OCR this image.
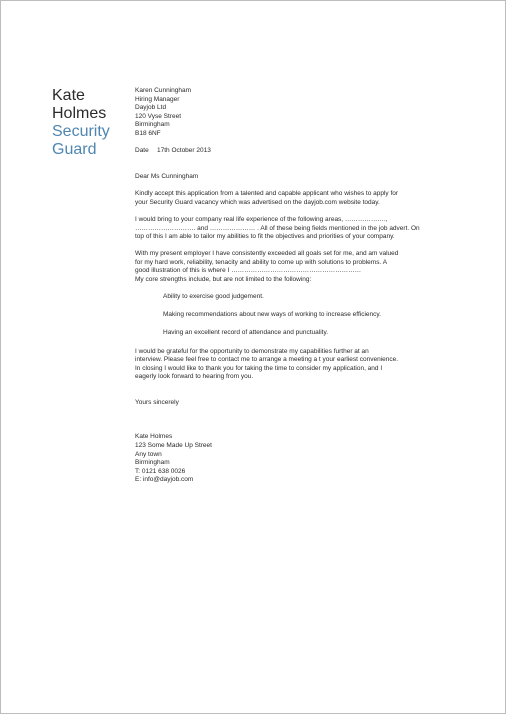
Kate
Holmes
Security
Guard
Karen Cunningham
Hiring Manager
Dayjob Ltd
120 Vyse Street
Birmingham
B18 6NF
Date 17th October 2013
Dear Ms Cunningham
Kindly accept this application from a talented and capable applicant who wishes to apply for
your Security Guard vacancy which was advertised on the dayjob.com website today.
I would bring to your company real life experience of the following areas, ……………….,
………………………. and ………………… . All of these being fields mentioned in the job advert. On
top of this I am able to tailor my abilities to fit the objectives and priorities of your company.
With my present employer I have consistently exceeded all goals set for me, and am valued
for my hard work, reliability, tenacity and ability to come up with solutions to problems. A
good illustration of this is where I ……………………………………………………
My core strengths include, but are not limited to the following:
Ability to exercise good judgement.
Making recommendations about new ways of working to increase efficiency.
Having an excellent record of attendance and punctuality.
I would be grateful for the opportunity to demonstrate my capabilities further at an
interview. Please feel free to contact me to arrange a meeting a t your earliest convenience.
In closing I would like to thank you for taking the time to consider my application, and I
eagerly look forward to hearing from you.
Yours sincerely
Kate Holmes
123 Some Made Up Street
Any town
Birmingham
T: 0121 638 0026
E: info@dayjob.com
